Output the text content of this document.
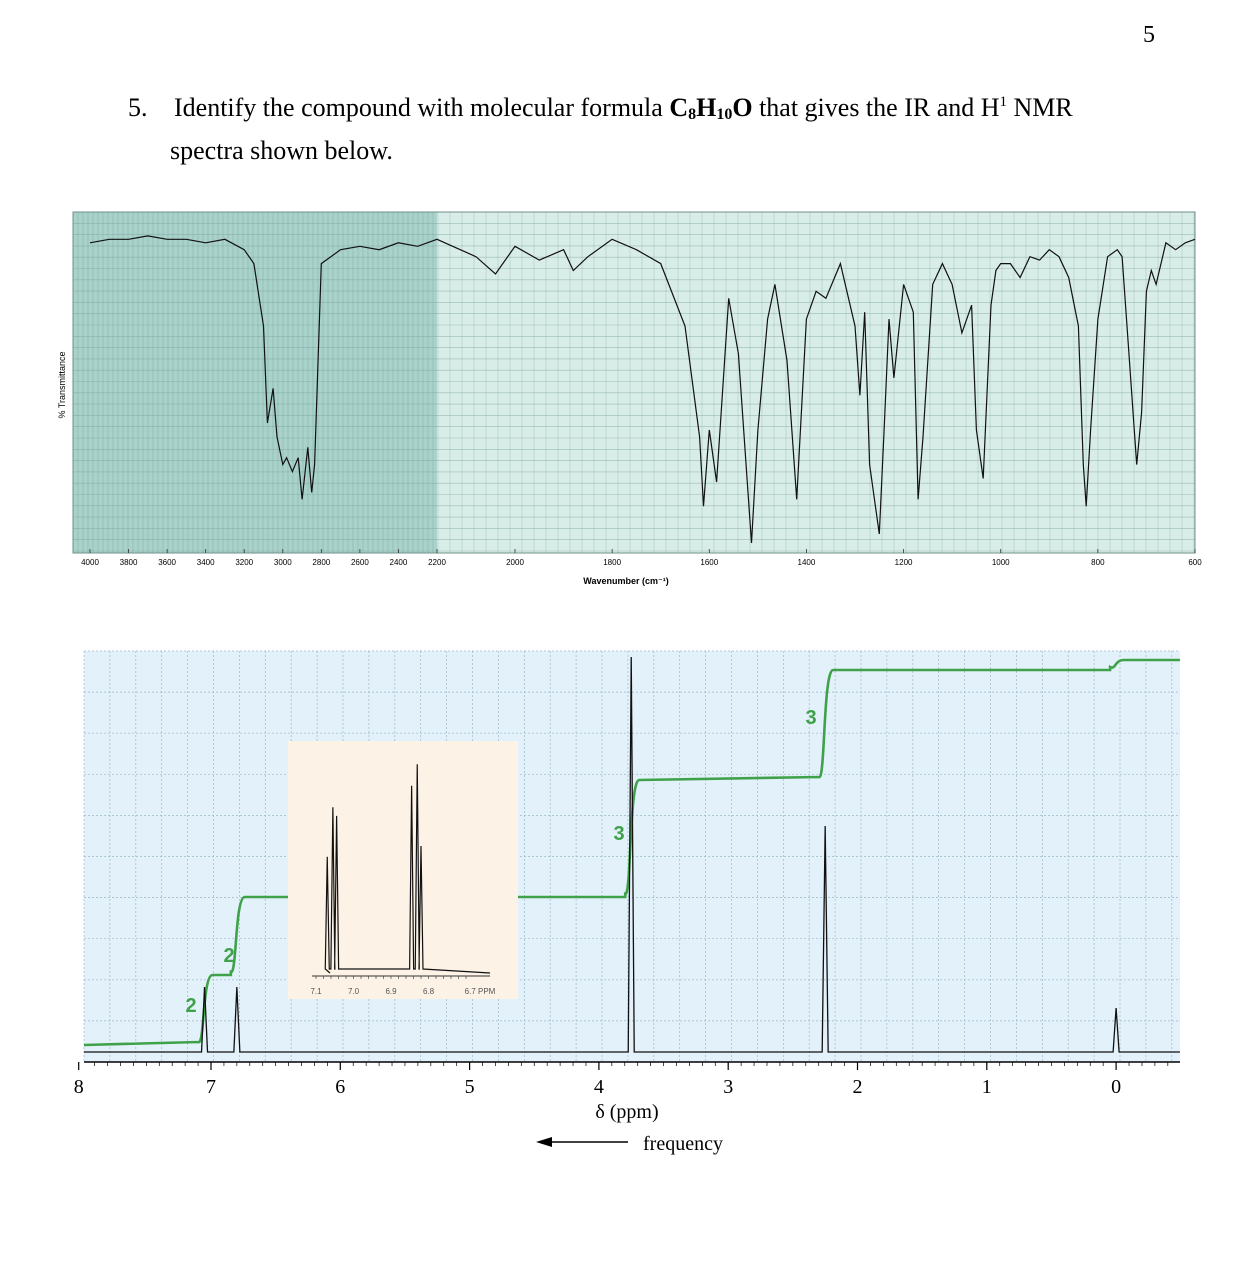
5
5. Identify the compound with molecular formula $C_8H_{10}O$ that gives the IR and $H^1$ NMR
spectra shown below.
4000	3800	3600	3400	3200	3000	2800	2600	2400	2200	2000	1800	1600	1400	1200	1000	800	600
% Transmittance
Wavenumber (cm⁻¹)
2
2
3
3
8	7	6	5	4	3	2	1	0
δ (ppm)
frequency
7.1	7.0	6.9	6.8	6.7 PPM
